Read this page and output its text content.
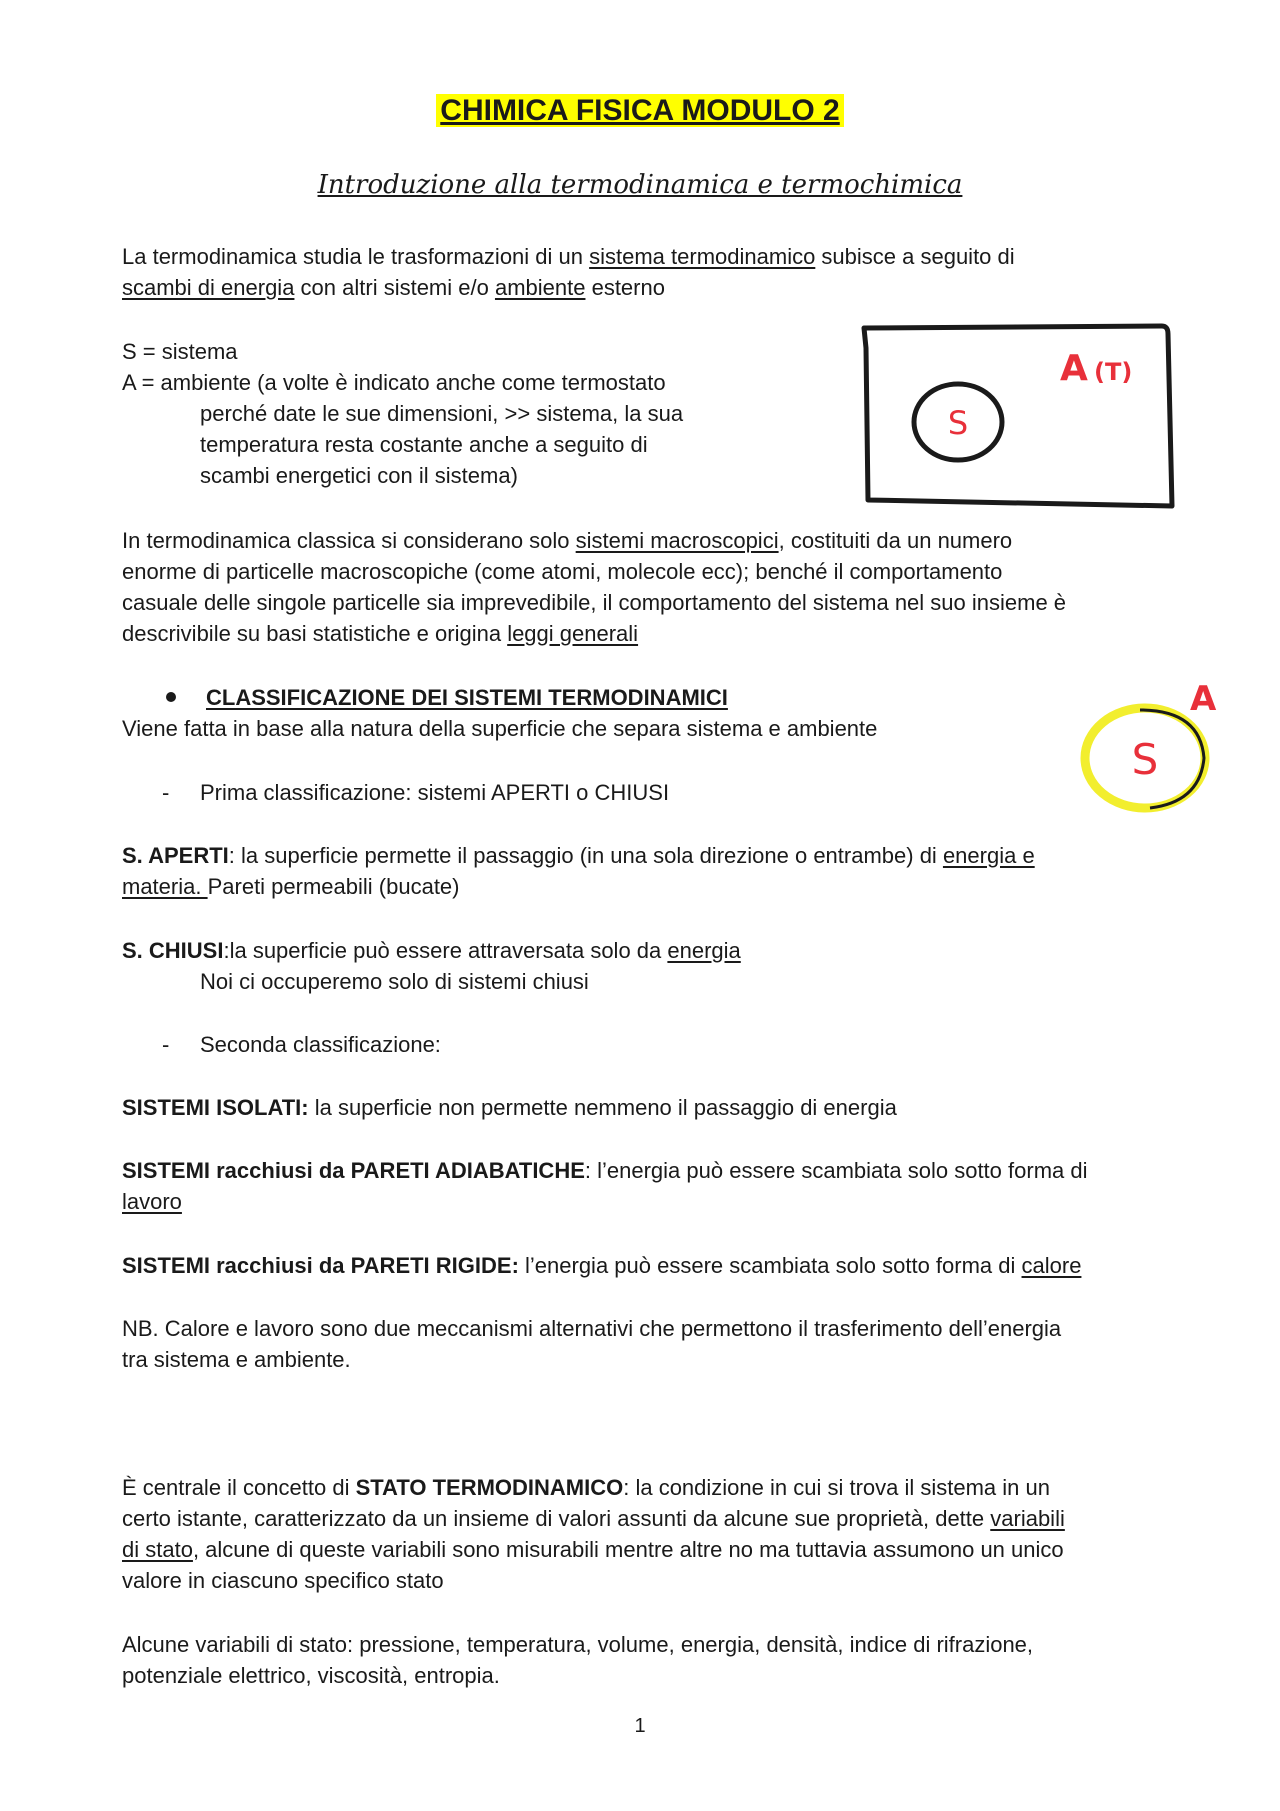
CHIMICA FISICA MODULO 2
Introduzione alla termodinamica e termochimica
La termodinamica studia le trasformazioni di un sistema termodinamico subisce a seguito di
scambi di energia con altri sistemi e/o ambiente esterno
S = sistema
A = ambiente (a volte è indicato anche come termostato
perché date le sue dimensioni, >> sistema, la sua
temperatura resta costante anche a seguito di
scambi energetici con il sistema)
S
A (T)
In termodinamica classica si considerano solo sistemi macroscopici, costituiti da un numero
enorme di particelle macroscopiche (come atomi, molecole ecc); benché il comportamento
casuale delle singole particelle sia imprevedibile, il comportamento del sistema nel suo insieme è
descrivibile su basi statistiche e origina leggi generali
CLASSIFICAZIONE DEI SISTEMI TERMODINAMICI
Viene fatta in base alla natura della superficie che separa sistema e ambiente
S
A
- Prima classificazione: sistemi APERTI o CHIUSI
S. APERTI: la superficie permette il passaggio (in una sola direzione o entrambe) di energia e
materia. Pareti permeabili (bucate)
S. CHIUSI:la superficie può essere attraversata solo da energia
Noi ci occuperemo solo di sistemi chiusi
- Seconda classificazione:
SISTEMI ISOLATI: la superficie non permette nemmeno il passaggio di energia
SISTEMI racchiusi da PARETI ADIABATICHE: l’energia può essere scambiata solo sotto forma di
lavoro
SISTEMI racchiusi da PARETI RIGIDE: l’energia può essere scambiata solo sotto forma di calore
NB. Calore e lavoro sono due meccanismi alternativi che permettono il trasferimento dell’energia
tra sistema e ambiente.
È centrale il concetto di STATO TERMODINAMICO: la condizione in cui si trova il sistema in un
certo istante, caratterizzato da un insieme di valori assunti da alcune sue proprietà, dette variabili
di stato, alcune di queste variabili sono misurabili mentre altre no ma tuttavia assumono un unico
valore in ciascuno specifico stato
Alcune variabili di stato: pressione, temperatura, volume, energia, densità, indice di rifrazione,
potenziale elettrico, viscosità, entropia.
1
